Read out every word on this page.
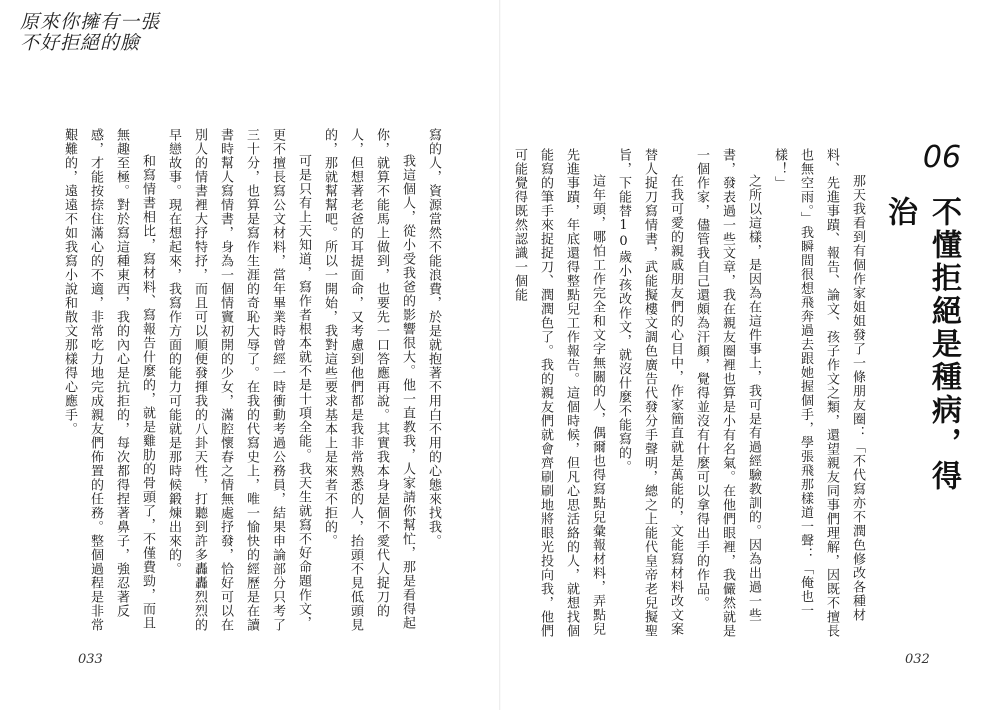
原來你擁有一張
不好拒絕的臉

寫的人，資源當然不能浪費，於是就抱著不用白不用的心態來找我。

我這個人，從小受我爸的影響很大。他一直教我，人家請你幫忙，那是看得起你，就算不能馬上做到，也要先一口答應再說。其實我本身是個不愛代人捉刀的人，但想著老爸的耳提面命，又考慮到他們都是我非常熟悉的人，抬頭不見低頭見的，那就幫幫吧。所以一開始，我對這些要求基本上是來者不拒的。

可是只有上天知道，寫作者根本就不是十項全能。我天生就寫不好命題作文，更不擅長寫公文材料，當年畢業時曾經一時衝動考過公務員，結果申論部分只考了三十分，也算是寫作生涯的奇恥大辱了。在我的代寫史上，唯一愉快的經歷是在讀書時幫人寫情書，身為一個情竇初開的少女，滿腔懷春之情無處抒發，恰好可以在別人的情書裡大抒特抒，而且可以順便發揮我的八卦天性，打聽到許多轟轟烈烈的早戀故事。現在想起來，我寫作方面的能力可能就是那時候鍛煉出來的。

和寫情書相比，寫材料、寫報告什麼的，就是雞肋的骨頭了，不僅費勁，而且無趣至極。對於寫這種東西，我的內心是抗拒的，每次都得捏著鼻子，強忍著反感，才能按捺住滿心的不適，非常吃力地完成親友們佈置的任務。整個過程是非常艱難的，遠遠不如我寫小說和散文那樣得心應手。	那天我看到有個作家姐姐發了一條朋友圈：「不代寫亦不潤色修改各種材料、先進事蹟、報告、論文、孩子作文之類，還望親友同事們理解，因既不擅長也無空雨。」我瞬間很想飛奔過去跟她握個手，學張飛那樣道一聲：「俺也一樣！」

之所以這樣，是因為在這件事上，我可是有過經驗教訓的。因為出過一些書，發表過一些文章，我在親友圈裡也算是小有名氣。在他們眼裡，我儼然就是一個作家，儘管我自己還頗為汗顏，覺得並沒有什麼可以拿得出手的作品。

在我可愛的親戚朋友們的心目中，作家簡直就是萬能的，文能寫材料改文案替人捉刀寫情書，武能擬樓文調色廣告代發分手聲明，總之上能代皇帝老兒擬聖旨，下能替10歲小孩改作文，就沒什麼不能寫的。

這年頭，哪怕工作完全和文字無關的人，偶爾也得寫點兒彙報材料，弄點兒先進事蹟，年底還得整點兒工作報告。這個時候，但凡心思活絡的人，就想找個能寫的筆手來捉捉刀、潤潤色了。我的親友們就會齊刷刷地將眼光投向我，他們可能覺得既然認識一個能	06
不懂拒絕是種病，得治
033	032
